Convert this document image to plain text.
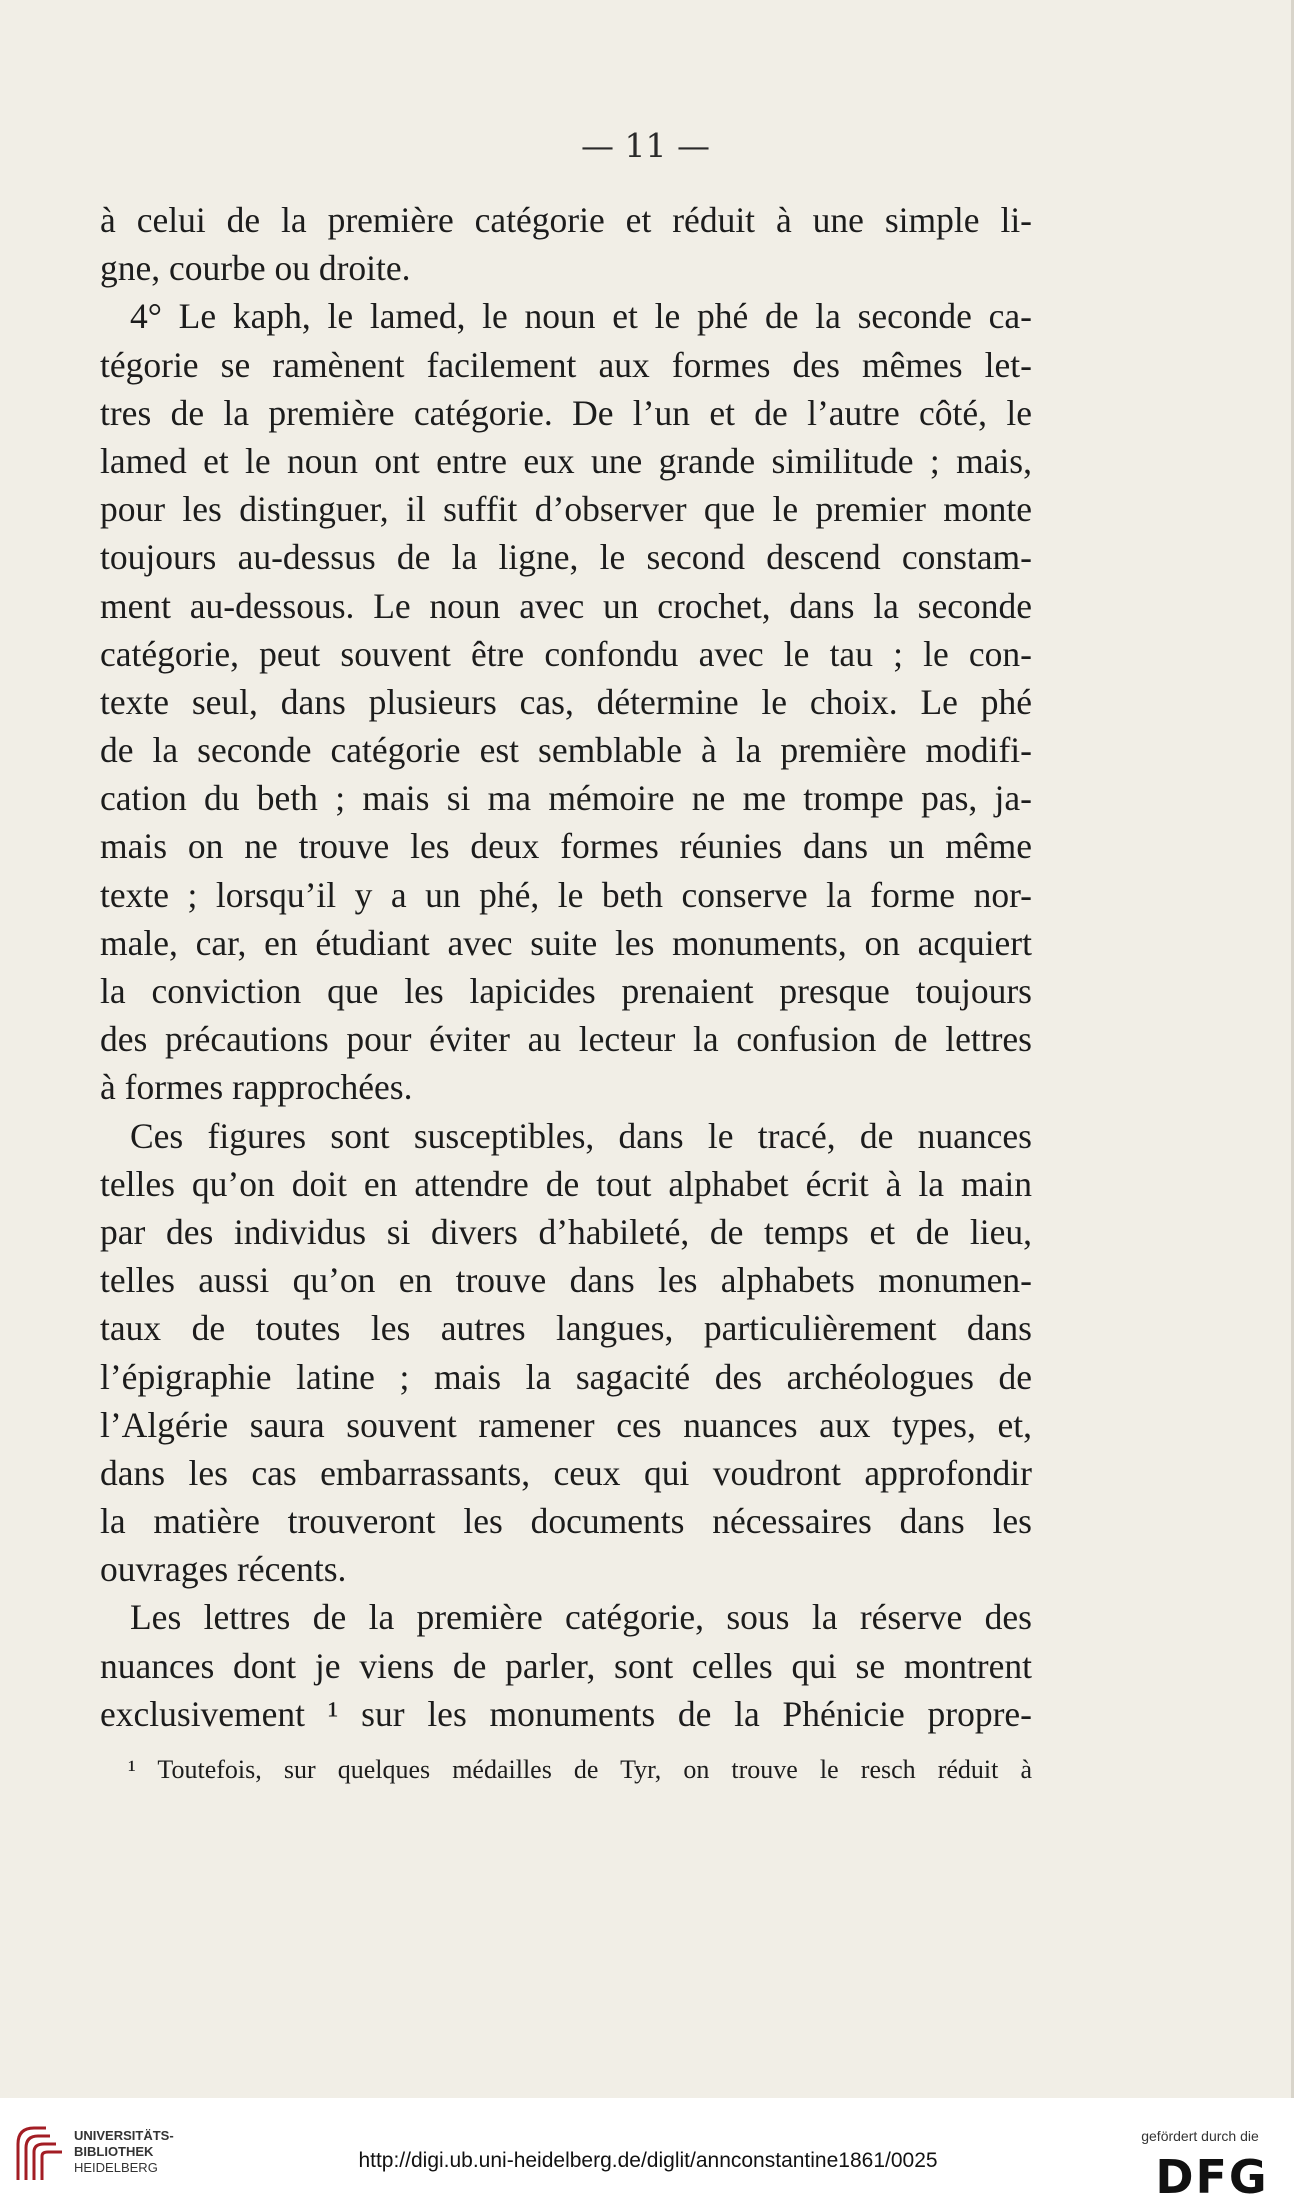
— 11 —
à celui de la première catégorie et réduit à une simple li-
gne, courbe ou droite.
4° Le kaph, le lamed, le noun et le phé de la seconde ca-
tégorie se ramènent facilement aux formes des mêmes let-
tres de la première catégorie. De l’un et de l’autre côté, le
lamed et le noun ont entre eux une grande similitude ; mais,
pour les distinguer, il suffit d’observer que le premier monte
toujours au-dessus de la ligne, le second descend constam-
ment au-dessous. Le noun avec un crochet, dans la seconde
catégorie, peut souvent être confondu avec le tau ; le con-
texte seul, dans plusieurs cas, détermine le choix. Le phé
de la seconde catégorie est semblable à la première modifi-
cation du beth ; mais si ma mémoire ne me trompe pas, ja-
mais on ne trouve les deux formes réunies dans un même
texte ; lorsqu’il y a un phé, le beth conserve la forme nor-
male, car, en étudiant avec suite les monuments, on acquiert
la conviction que les lapicides prenaient presque toujours
des précautions pour éviter au lecteur la confusion de lettres
à formes rapprochées.
Ces figures sont susceptibles, dans le tracé, de nuances
telles qu’on doit en attendre de tout alphabet écrit à la main
par des individus si divers d’habileté, de temps et de lieu,
telles aussi qu’on en trouve dans les alphabets monumen-
taux de toutes les autres langues, particulièrement dans
l’épigraphie latine ; mais la sagacité des archéologues de
l’Algérie saura souvent ramener ces nuances aux types, et,
dans les cas embarrassants, ceux qui voudront approfondir
la matière trouveront les documents nécessaires dans les
ouvrages récents.
Les lettres de la première catégorie, sous la réserve des
nuances dont je viens de parler, sont celles qui se montrent
exclusivement ¹ sur les monuments de la Phénicie propre-
¹ Toutefois, sur quelques médailles de Tyr, on trouve le resch réduit à
UNIVERSITÄTS-
BIBLIOTHEK
HEIDELBERG	http://digi.ub.uni-heidelberg.de/diglit/annconstantine1861/0025
gefördert durch die
DFG
